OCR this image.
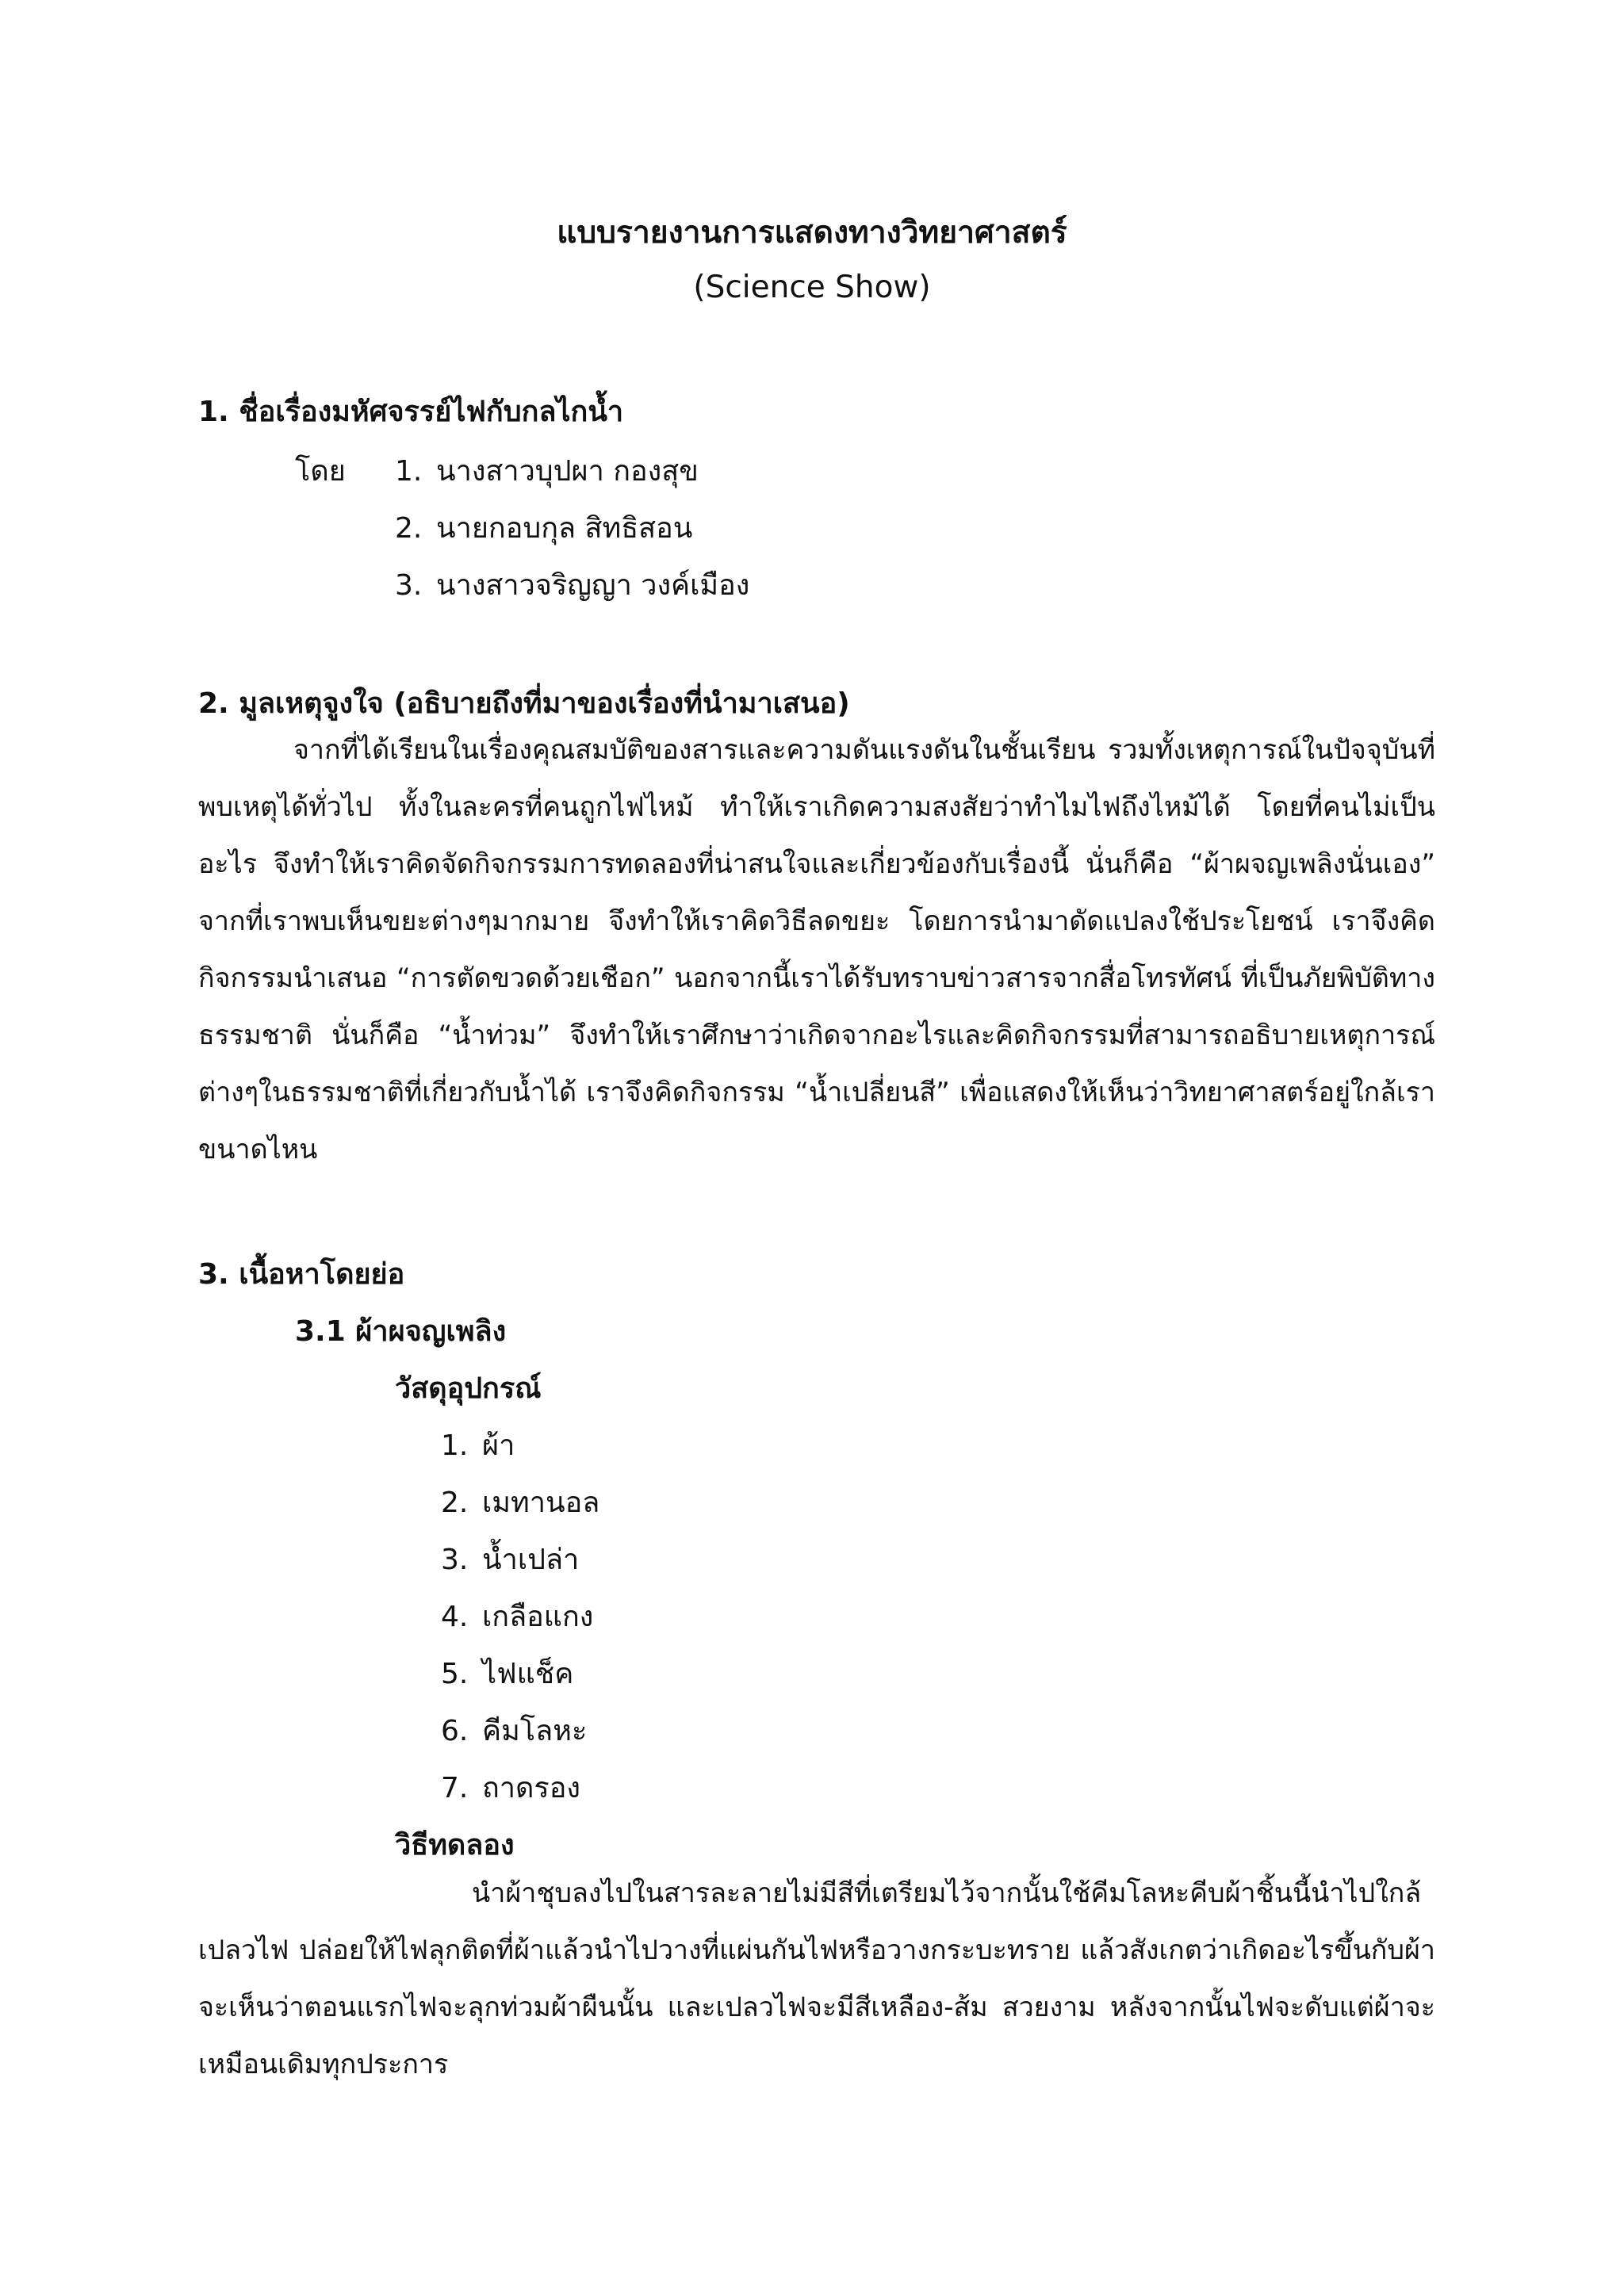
แบบรายงานการแสดงทางวิทยาศาสตร์
(Science Show)
1. ชื่อเรื่องมหัศจรรย์ไฟกับกลไกน้ำ
โดย 1. นางสาวบุปผา กองสุข
2. นายกอบกุล สิทธิสอน
3. นางสาวจริญญา วงค์เมือง
2. มูลเหตุจูงใจ (อธิบายถึงที่มาของเรื่องที่นำมาเสนอ)

จากที่ได้เรียนในเรื่องคุณสมบัติของสารและความดันแรงดันในชั้นเรียน รวมทั้งเหตุการณ์ในปัจจุบันที่พบเหตุได้ทั่วไป ทั้งในละครที่คนถูกไฟไหม้ ทำให้เราเกิดความสงสัยว่าทำไมไฟถึงไหม้ได้ โดยที่คนไม่เป็นอะไร จึงทำให้เราคิดจัดกิจกรรมการทดลองที่น่าสนใจและเกี่ยวข้องกับเรื่องนี้ นั่นก็คือ “ผ้าผจญเพลิงนั่นเอง” จากที่เราพบเห็นขยะต่างๆมากมาย จึงทำให้เราคิดวิธีลดขยะ โดยการนำมาดัดแปลงใช้ประโยชน์ เราจึงคิดกิจกรรมนำเสนอ “การตัดขวดด้วยเชือก” นอกจากนี้เราได้รับทราบข่าวสารจากสื่อโทรทัศน์ ที่เป็นภัยพิบัติทางธรรมชาติ นั่นก็คือ “น้ำท่วม” จึงทำให้เราศึกษาว่าเกิดจากอะไรและคิดกิจกรรมที่สามารถอธิบายเหตุการณ์ต่างๆในธรรมชาติที่เกี่ยวกับน้ำได้ เราจึงคิดกิจกรรม “น้ำเปลี่ยนสี” เพื่อแสดงให้เห็นว่าวิทยาศาสตร์อยู่ใกล้เราขนาดไหน

3. เนื้อหาโดยย่อ
3.1 ผ้าผจญเพลิง
วัสดุอุปกรณ์
1. ผ้า
2. เมทานอล
3. น้ำเปล่า
4. เกลือแกง
5. ไฟแช็ค
6. คีมโลหะ
7. ถาดรอง
วิธีทดลอง

นำผ้าชุบลงไปในสารละลายไม่มีสีที่เตรียมไว้จากนั้นใช้คีมโลหะคีบผ้าชิ้นนี้นำไปใกล้เปลวไฟ ปล่อยให้ไฟลุกติดที่ผ้าแล้วนำไปวางที่แผ่นกันไฟหรือวางกระบะทราย แล้วสังเกตว่าเกิดอะไรขึ้นกับผ้า จะเห็นว่าตอนแรกไฟจะลุกท่วมผ้าผืนนั้น และเปลวไฟจะมีสีเหลือง-ส้ม สวยงาม หลังจากนั้นไฟจะดับแต่ผ้าจะเหมือนเดิมทุกประการ
